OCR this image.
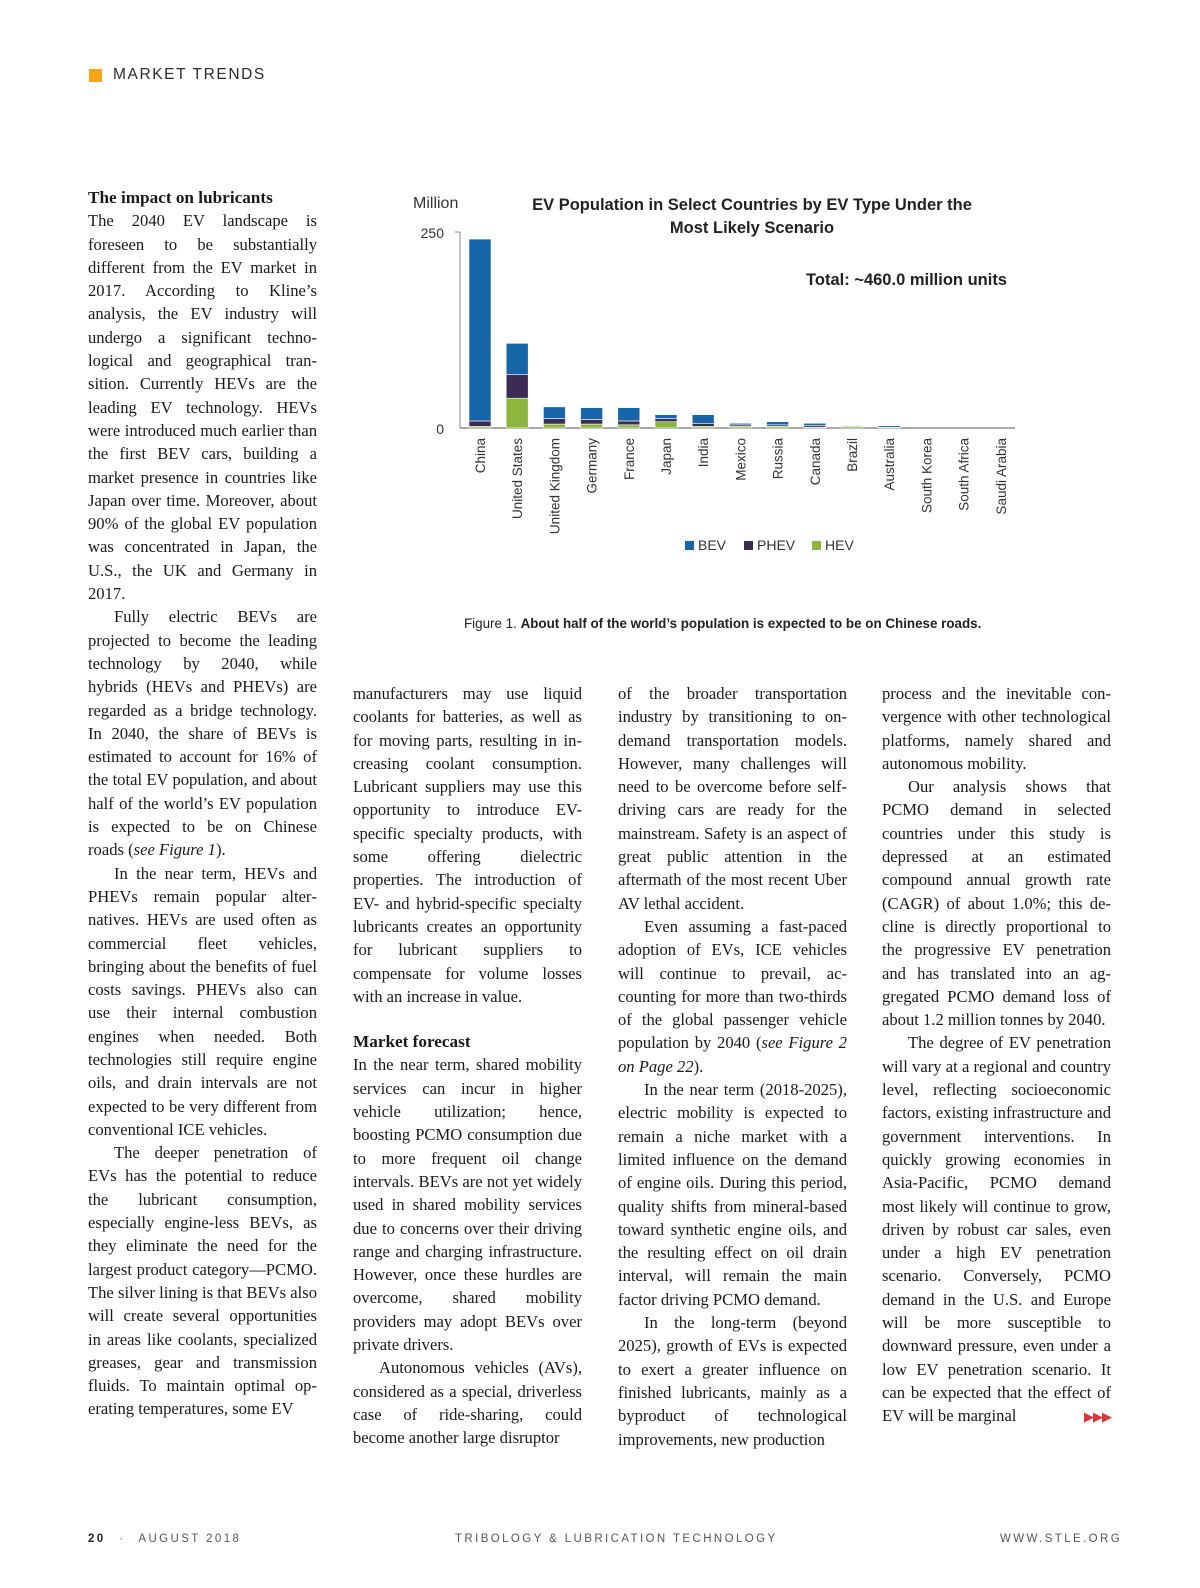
MARKET TRENDS
Million	EV Population in Select Countries by EV Type Under the
Most Likely Scenario
Total: ~460.0 million units
250
0
China United States United Kingdom Germany France Japan India Mexico Russia Canada Brazil Australia South Korea South Africa Saudi Arabia
BEV PHEV HEV
Figure 1. About half of the world’s population is expected to be on Chinese roads.
The impact on lubricants

The 2040 EV landscape is foreseen to be substantially different from the EV market in 2017. According to Kline’s analysis, the EV industry will undergo a significant technological and geographical transition. Currently HEVs are the leading EV technology. HEVs were introduced much earlier than the first BEV cars, building a market presence in countries like Japan over time. Moreover, about 90% of the global EV population was concentrated in Japan, the U.S., the UK and Germany in 2017.

Fully electric BEVs are projected to become the leading technology by 2040, while hybrids (HEVs and PHEVs) are regarded as a bridge technology. In 2040, the share of BEVs is estimated to account for 16% of the total EV population, and about half of the world’s EV population is expected to be on Chinese roads (see Figure 1).

In the near term, HEVs and PHEVs remain popular alternatives. HEVs are used often as commercial fleet vehicles, bringing about the benefits of fuel costs savings. PHEVs also can use their internal combustion engines when needed. Both technologies still require engine oils, and drain intervals are not expected to be very different from conventional ICE vehicles.

The deeper penetration of EVs has the potential to reduce the lubricant consumption, especially engine-less BEVs, as they eliminate the need for the largest product category—PCMO. The silver lining is that BEVs also will create several opportunities in areas like coolants, specialized greases, gear and transmission fluids. To maintain optimal operating temperatures, some EV

manufacturers may use liquid coolants for batteries, as well as for moving parts, resulting in increasing coolant consumption. Lubricant suppliers may use this opportunity to introduce EV-specific specialty products, with some offering dielectric properties. The introduction of EV- and hybrid-specific specialty lubricants creates an opportunity for lubricant suppliers to compensate for volume losses with an increase in value.

Market forecast

In the near term, shared mobility services can incur in higher vehicle utilization; hence, boosting PCMO consumption due to more frequent oil change intervals. BEVs are not yet widely used in shared mobility services due to concerns over their driving range and charging infrastructure. However, once these hurdles are overcome, shared mobility providers may adopt BEVs over private drivers.

Autonomous vehicles (AVs), considered as a special, driverless case of ride-sharing, could become another large disruptor

of the broader transportation industry by transitioning to on-demand transportation models. However, many challenges will need to be overcome before self-driving cars are ready for the mainstream. Safety is an aspect of great public attention in the aftermath of the most recent Uber AV lethal accident.

Even assuming a fast-paced adoption of EVs, ICE vehicles will continue to prevail, accounting for more than two-thirds of the global passenger vehicle population by 2040 (see Figure 2 on Page 22).

In the near term (2018-2025), electric mobility is expected to remain a niche market with a limited influence on the demand of engine oils. During this period, quality shifts from mineral-based toward synthetic engine oils, and the resulting effect on oil drain interval, will remain the main factor driving PCMO demand.

In the long-term (beyond 2025), growth of EVs is expected to exert a greater influence on finished lubricants, mainly as a byproduct of technological improvements, new production

process and the inevitable convergence with other technological platforms, namely shared and autonomous mobility.

Our analysis shows that PCMO demand in selected countries under this study is depressed at an estimated compound annual growth rate (CAGR) of about 1.0%; this decline is directly proportional to the progressive EV penetration and has translated into an aggregated PCMO demand loss of about 1.2 million tonnes by 2040.

The degree of EV penetration will vary at a regional and country level, reflecting socioeconomic factors, existing infrastructure and government interventions. In quickly growing economies in Asia-Pacific, PCMO demand most likely will continue to grow, driven by robust car sales, even under a high EV penetration scenario. Conversely, PCMO demand in the U.S. and Europe will be more susceptible to downward pressure, even under a low EV penetration scenario. It can be expected that the effect of EV will be marginal	▶▶▶

20 · AUGUST 2018	TRIBOLOGY & LUBRICATION TECHNOLOGY	WWW.STLE.ORG
